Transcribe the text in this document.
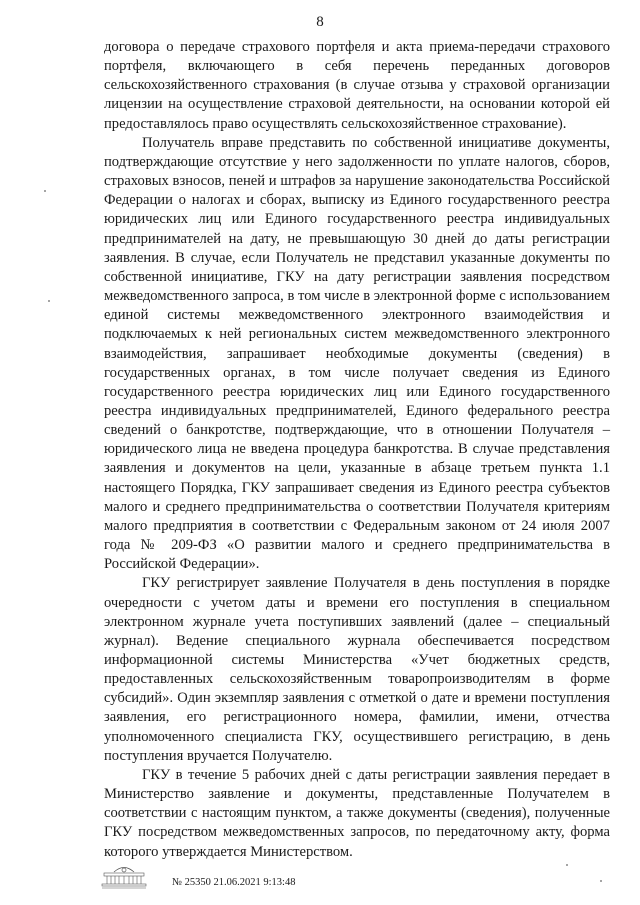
8

договора о передаче страхового портфеля и акта приема-передачи страхового портфеля, включающего в себя перечень переданных договоров сельскохозяйственного страхования (в случае отзыва у страховой организации лицензии на осуществление страховой деятельности, на основании которой ей предоставлялось право осуществлять сельскохозяйственное страхование).

Получатель вправе представить по собственной инициативе документы, подтверждающие отсутствие у него задолженности по уплате налогов, сборов, страховых взносов, пеней и штрафов за нарушение законодательства Российской Федерации о налогах и сборах, выписку из Единого государственного реестра юридических лиц или Единого государственного реестра индивидуальных предпринимателей на дату, не превышающую 30 дней до даты регистрации заявления. В случае, если Получатель не представил указанные документы по собственной инициативе, ГКУ на дату регистрации заявления посредством межведомственного запроса, в том числе в электронной форме с использованием единой системы межведомственного электронного взаимодействия и подключаемых к ней региональных систем межведомственного электронного взаимодействия, запрашивает необходимые документы (сведения) в государственных органах, в том числе получает сведения из Единого государственного реестра юридических лиц или Единого государственного реестра индивидуальных предпринимателей, Единого федерального реестра сведений о банкротстве, подтверждающие, что в отношении Получателя – юридического лица не введена процедура банкротства. В случае представления заявления и документов на цели, указанные в абзаце третьем пункта 1.1 настоящего Порядка, ГКУ запрашивает сведения из Единого реестра субъектов малого и среднего предпринимательства о соответствии Получателя критериям малого предприятия в соответствии с Федеральным законом от 24 июля 2007 года № 209-ФЗ «О развитии малого и среднего предпринимательства в Российской Федерации».

ГКУ регистрирует заявление Получателя в день поступления в порядке очередности с учетом даты и времени его поступления в специальном электронном журнале учета поступивших заявлений (далее – специальный журнал). Ведение специального журнала обеспечивается посредством информационной системы Министерства «Учет бюджетных средств, предоставленных сельскохозяйственным товаропроизводителям в форме субсидий». Один экземпляр заявления с отметкой о дате и времени поступления заявления, его регистрационного номера, фамилии, имени, отчества уполномоченного специалиста ГКУ, осуществившего регистрацию, в день поступления вручается Получателю.

ГКУ в течение 5 рабочих дней с даты регистрации заявления передает в Министерство заявление и документы, представленные Получателем в соответствии с настоящим пунктом, а также документы (сведения), полученные ГКУ посредством межведомственных запросов, по передаточному акту, форма которого утверждается Министерством.

№ 25350 21.06.2021 9:13:48
